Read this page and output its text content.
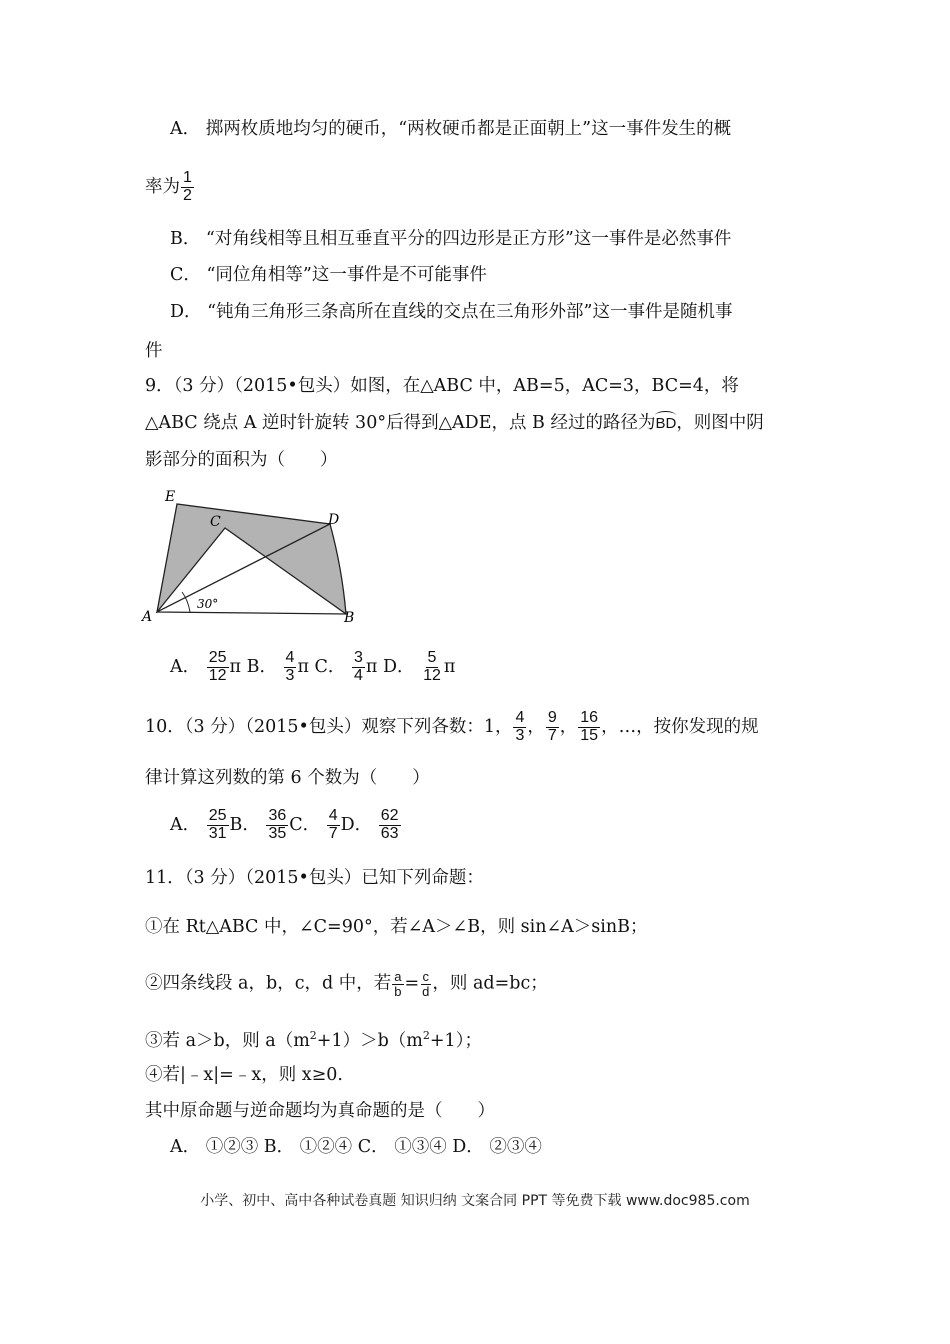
A． 掷两枚质地均匀的硬币，“两枚硬币都是正面朝上”这一事件发生的概
率为 $\frac{1}{2}$
B． “对角线相等且相互垂直平分的四边形是正方形”这一事件是必然事件
C． “同位角相等”这一事件是不可能事件
D． “钝角三角形三条高所在直线的交点在三角形外部”这一事件是随机事
件
9．（3 分）（2015•包头）如图，在△ABC 中，AB=5，AC=3，BC=4，将
△ABC 绕点 A 逆时针旋转 30°后得到△ADE，点 B 经过的路径为BD，则图中阴
影部分的面积为（　　）
E
C	D
A	B
30°
A． $\frac{25}{12}$ π B． $\frac{4}{3}$ π C． $\frac{3}{4}$ π D． $\frac{5}{12}$ π
10．（3 分）（2015•包头）观察下列各数：1， $\frac{4}{3}$ ， $\frac{9}{7}$ ， $\frac{16}{15}$ ，…，按你发现的规
律计算这列数的第 6 个数为（　　）
A． $\frac{25}{31}$ B． $\frac{36}{35}$ C． $\frac{4}{7}$ D． $\frac{62}{63}$
11．（3 分）（2015•包头）已知下列命题：
①在 Rt△ABC 中，∠C=90°，若∠A＞∠B，则 sin∠A＞sinB；
②四条线段 a，b，c，d 中，若 $\frac{a}{b} = \frac{c}{d}$ ，则 ad=bc；
③若 a＞b，则 $a(m^2+1)>b(m^2+1)$；
④若|﹣x|=﹣x，则 x≥0.
其中原命题与逆命题均为真命题的是（　　）
A． ①②③ B． ①②④ C． ①③④ D． ②③④
小学、初中、高中各种试卷真题 知识归纳 文案合同 PPT 等免费下载 www.doc985.com
